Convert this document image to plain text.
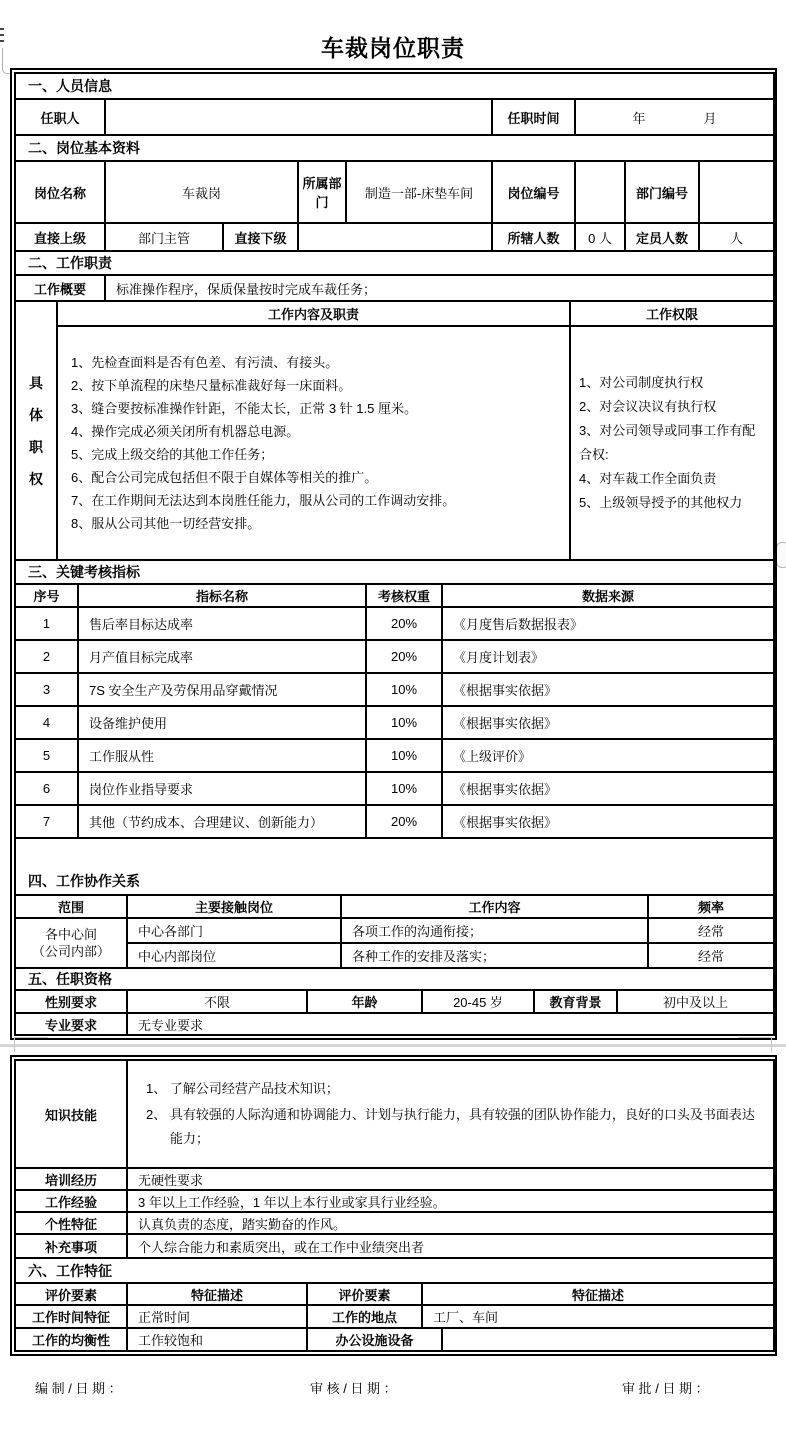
车裁岗位职责
一、人员信息								
任职人					任职时间	年 月		

二、岗位基本资料								
岗位名称	车裁岗		所属部门	制造一部-床垫车间	岗位编号		部门编号	
直接上级	部门主管	直接下级			所辖人数	0 人	定员人数	人
二、工作职责			
工作概要		标准操作程序，保质保量按时完成车裁任务；	

具体职权	工作内容及职责		工作权限

1、先检查面料是否有色差、有污渍、有接头。
2、按下单流程的床垫尺量标准裁好每一床面料。
3、缝合要按标准操作针距，不能太长，正常 3 针 1.5 厘米。
4、操作完成必须关闭所有机器总电源。
5、完成上级交给的其他工作任务；
6、配合公司完成包括但不限于自媒体等相关的推广。
7、在工作期间无法达到本岗胜任能力，服从公司的工作调动安排。
8、服从公司其他一切经营安排。

1、对公司制度执行权
2、对会议决议有执行权
3、对公司领导或同事工作有配合权:
4、对车裁工作全面负责
5、上级领导授予的其他权力
三、关键考核指标			
序号	指标名称	考核权重	数据来源
1	售后率目标达成率	20%	《月度售后数据报表》
2	月产值目标完成率	20%	《月度计划表》
3	7S 安全生产及劳保用品穿戴情况	10%	《根据事实依据》
4	设备维护使用	10%	《根据事实依据》
5	工作服从性	10%	《上级评价》
6	岗位作业指导要求	10%	《根据事实依据》
7	其他（节约成本、合理建议、创新能力）	20%	《根据事实依据》
四、工作协作关系			
范围	主要接触岗位	工作内容	频率

各中心间
（公司内部）	中心各部门	各项工作的沟通衔接；	经常
	中心内部岗位	各种工作的安排及落实；	经常
五、任职资格					
性别要求	不限	年龄	20-45 岁	教育背景	初中及以上
专业要求	无专业要求				
知识技能	1、 了解公司经营产品技术知识；
2、 具有较强的人际沟通和协调能力、计划与执行能力，具有较强的团队协作能力，良好的口头及书面表达能力；			

培训经历	无硬性要求			
工作经验	3 年以上工作经验，1 年以上本行业或家具行业经验。			
个性特征	认真负责的态度，踏实勤奋的作风。			
补充事项	个人综合能力和素质突出，或在工作中业绩突出者			
六、工作特征				
评价要素	特征描述	评价要素	特征描述	
工作时间特征	正常时间	工作的地点	工厂、车间	
工作的均衡性	工作较饱和	办公设施设备		
编 制 / 日 期 ：	审 核 / 日 期 ：	审 批 / 日 期 ：
